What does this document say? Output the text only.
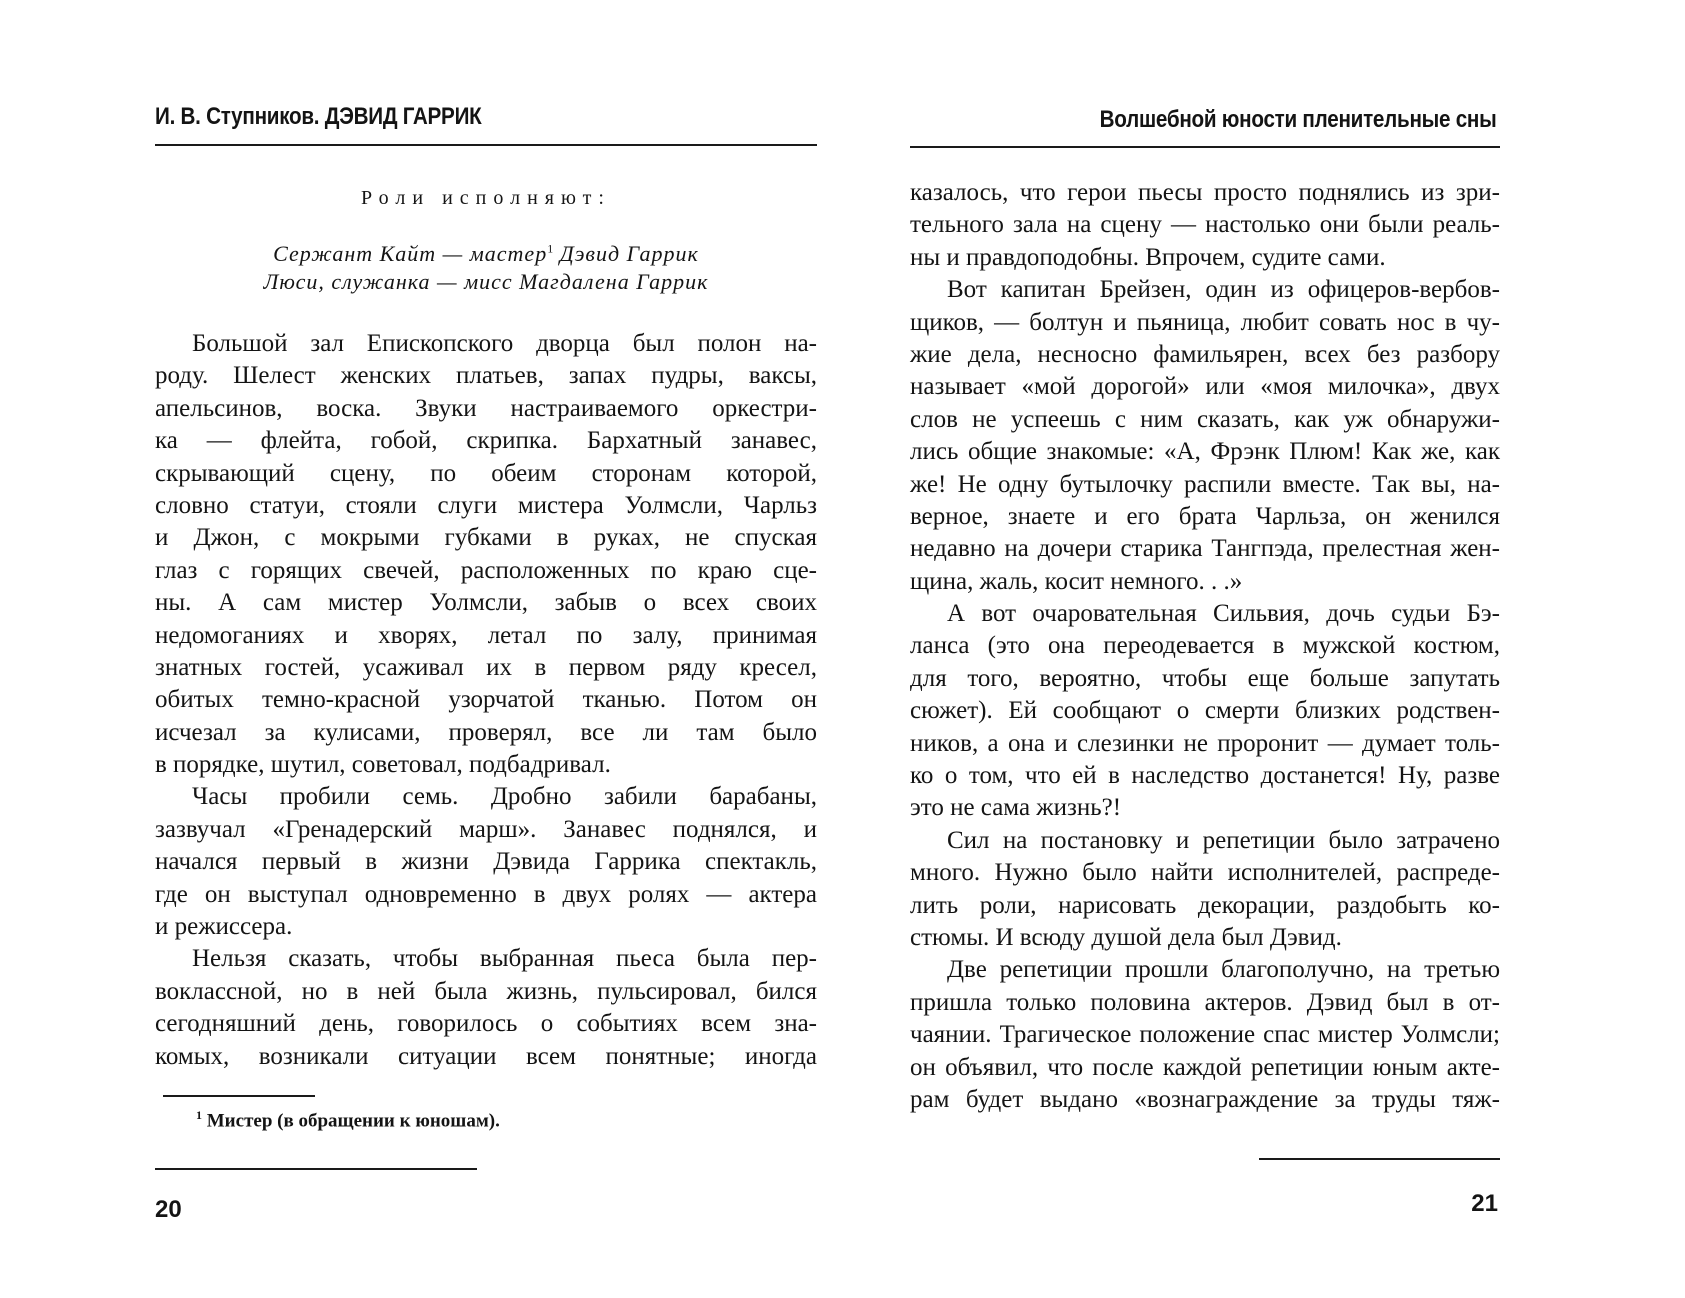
И. В. Ступников. ДЭВИД ГАРРИК
Роли исполняют:
Сержант Кайт — мастер$^1$ Дэвид Гаррик
Люси, служанка — мисс Магдалена Гаррик
Большой зал Епископского дворца был полон на-
роду. Шелест женских платьев, запах пудры, ваксы,
апельсинов, воска. Звуки настраиваемого оркестри-
ка — флейта, гобой, скрипка. Бархатный занавес,
скрывающий сцену, по обеим сторонам которой,
словно статуи, стояли слуги мистера Уолмсли, Чарльз
и Джон, с мокрыми губками в руках, не спуская
глаз с горящих свечей, расположенных по краю сце-
ны. А сам мистер Уолмсли, забыв о всех своих
недомоганиях и хворях, летал по залу, принимая
знатных гостей, усаживал их в первом ряду кресел,
обитых темно-красной узорчатой тканью. Потом он
исчезал за кулисами, проверял, все ли там было
в порядке, шутил, советовал, подбадривал.
Часы пробили семь. Дробно забили барабаны,
зазвучал «Гренадерский марш». Занавес поднялся, и
начался первый в жизни Дэвида Гаррика спектакль,
где он выступал одновременно в двух ролях — актера
и режиссера.
Нельзя сказать, чтобы выбранная пьеса была пер-
воклассной, но в ней была жизнь, пульсировал, бился
сегодняшний день, говорилось о событиях всем зна-
комых, возникали ситуации всем понятные; иногда
$^1$ Мистер (в обращении к юношам).
20
Волшебной юности пленительные сны
казалось, что герои пьесы просто поднялись из зри-
тельного зала на сцену — настолько они были реаль-
ны и правдоподобны. Впрочем, судите сами.
Вот капитан Брейзен, один из офицеров-вербов-
щиков, — болтун и пьяница, любит совать нос в чу-
жие дела, несносно фамильярен, всех без разбору
называет «мой дорогой» или «моя милочка», двух
слов не успеешь с ним сказать, как уж обнаружи-
лись общие знакомые: «А, Фрэнк Плюм! Как же, как
же! Не одну бутылочку распили вместе. Так вы, на-
верное, знаете и его брата Чарльза, он женился
недавно на дочери старика Тангпэда, прелестная жен-
щина, жаль, косит немного. . .»
А вот очаровательная Сильвия, дочь судьи Бэ-
ланса (это она переодевается в мужской костюм,
для того, вероятно, чтобы еще больше запутать
сюжет). Ей сообщают о смерти близких родствен-
ников, а она и слезинки не проронит — думает толь-
ко о том, что ей в наследство достанется! Ну, разве
это не сама жизнь?!
Сил на постановку и репетиции было затрачено
много. Нужно было найти исполнителей, распреде-
лить роли, нарисовать декорации, раздобыть ко-
стюмы. И всюду душой дела был Дэвид.
Две репетиции прошли благополучно, на третью
пришла только половина актеров. Дэвид был в от-
чаянии. Трагическое положение спас мистер Уолмсли;
он объявил, что после каждой репетиции юным акте-
рам будет выдано «вознаграждение за труды тяж-
21
